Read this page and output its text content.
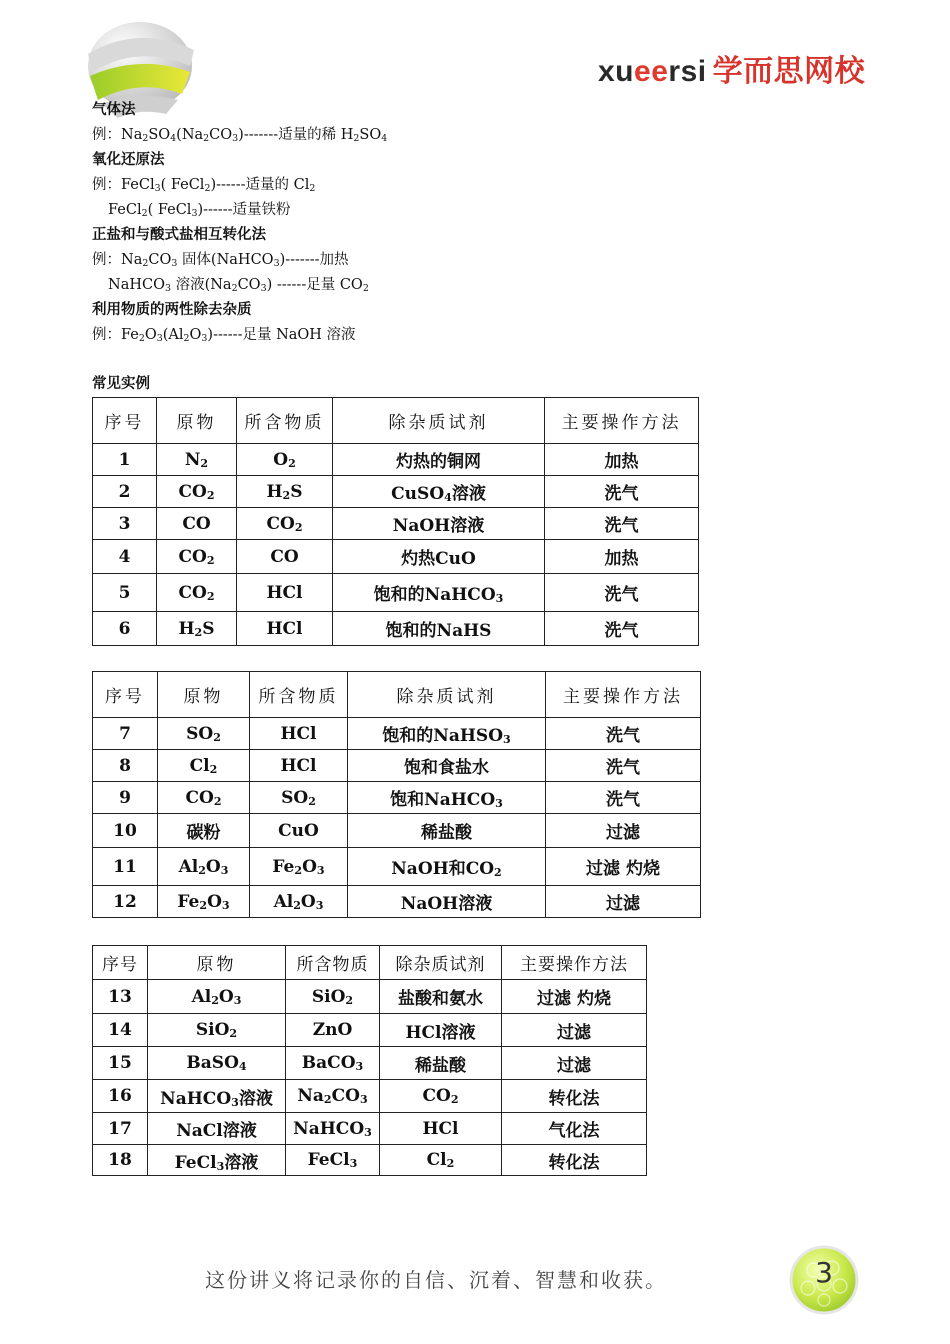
xueersi 学而思网校
气体法
例：$Na_2SO_4(Na_2CO_3)-------$适量的稀 $H_2SO_4$
氧化还原法
例：FeCl$_3$( FeCl$_2$)------适量的 $Cl_2$
FeCl$_2$( FeCl$_3$)------适量铁粉
正盐和与酸式盐相互转化法
例：$Na_2CO_3$ 固体(NaHCO$_3$)-------加热
NaHCO$_3$ 溶液$(Na_2CO_3)$ ------足量 $CO_2$
利用物质的两性除去杂质
例：$Fe_2O_3(Al_2O_3)------$足量 NaOH 溶液
常见实例
序号	原物	所含物质	除杂质试剂	主要操作方法
1	$N_2$	$O_2$	灼热的铜网	加热
2	$CO_2$	$H_2S$	CuSO$_4$溶液	洗气
3	CO	$CO_2$	NaOH溶液	洗气
4	$CO_2$	CO	灼热CuO	加热
5	$CO_2$	HCl	饱和的NaHCO$_3$	洗气
6	$H_2S$	HCl	饱和的NaHS	洗气
序号	原物	所含物质	除杂质试剂	主要操作方法
7	$SO_2$	HCl	饱和的NaHSO$_3$	洗气
8	$Cl_2$	HCl	饱和食盐水	洗气
9	$CO_2$	$SO_2$	饱和NaHCO$_3$	洗气
10	碳粉	CuO	稀盐酸	过滤
11	$Al_2O_3$	$Fe_2O_3$	NaOH和$CO_2$	过滤 灼烧
12	$Fe_2O_3$	$Al_2O_3$	NaOH溶液	过滤
序号	原物	所含物质	除杂质试剂	主要操作方法
13	$Al_2O_3$	SiO$_2$	盐酸和氨水	过滤 灼烧
14	SiO$_2$	ZnO	HCl溶液	过滤
15	BaSO$_4$	BaCO$_3$	稀盐酸	过滤
16	NaHCO$_3$溶液	$Na_2CO_3$	$CO_2$	转化法
17	NaCl溶液	NaHCO$_3$	HCl	气化法
18	FeCl$_3$溶液	FeCl$_3$	$Cl_2$	转化法
这份讲义将记录你的自信、沉着、智慧和收获。	3
